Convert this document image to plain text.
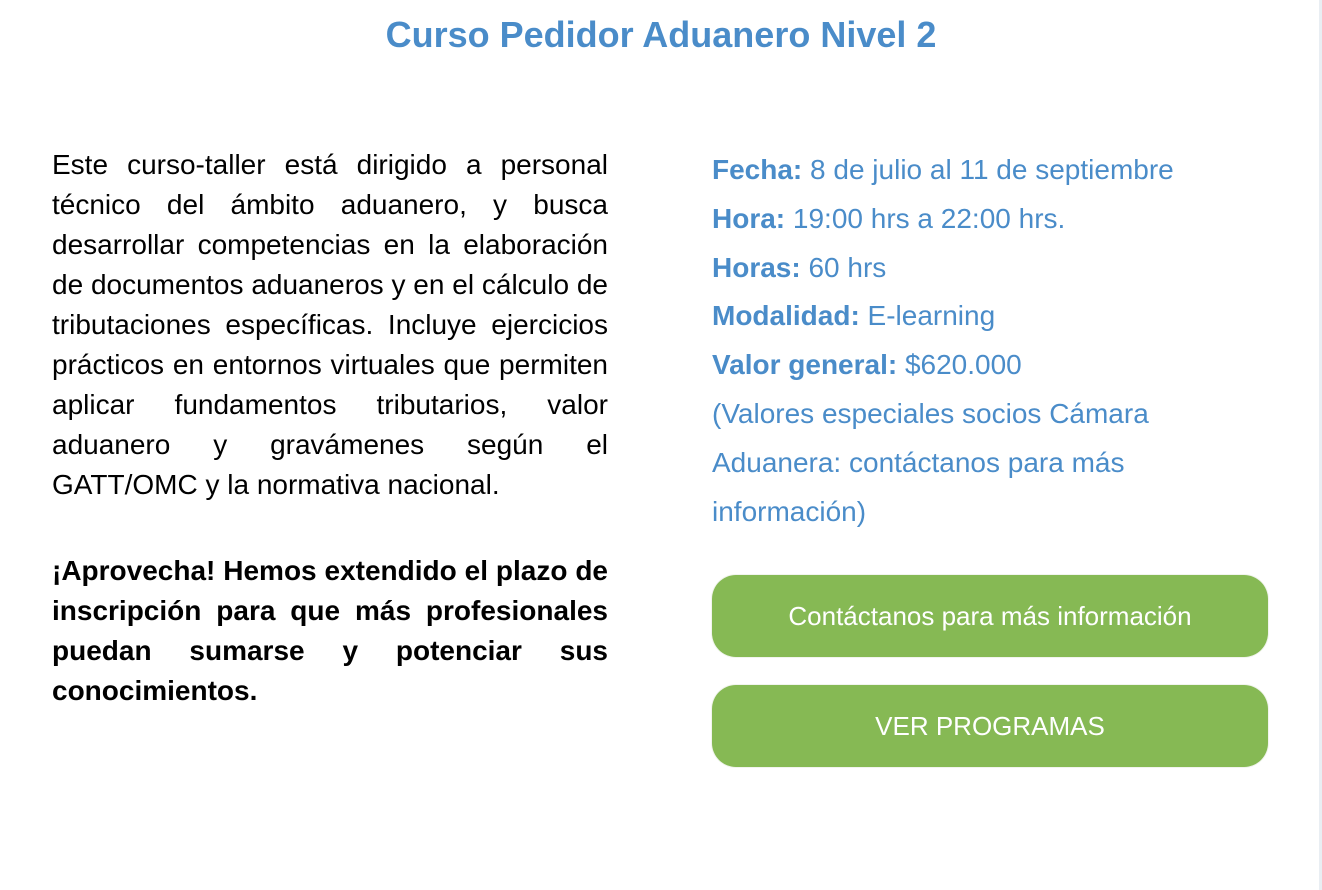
Curso Pedidor Aduanero Nivel 2

Este curso-taller está dirigido a personal técnico del ámbito aduanero, y busca desarrollar competencias en la elaboración de documentos aduaneros y en el cálculo de tributaciones específicas. Incluye ejercicios prácticos en entornos virtuales que permiten aplicar fundamentos tributarios, valor aduanero y gravámenes según el GATT/OMC y la normativa nacional.

¡Aprovecha! Hemos extendido el plazo de inscripción para que más profesionales puedan sumarse y potenciar sus conocimientos.

Fecha: 8 de julio al 11 de septiembre
Hora: 19:00 hrs a 22:00 hrs.
Horas: 60 hrs
Modalidad: E-learning
Valor general: $620.000
(Valores especiales socios Cámara Aduanera: contáctanos para más información)
Contáctanos para más información
VER PROGRAMAS
